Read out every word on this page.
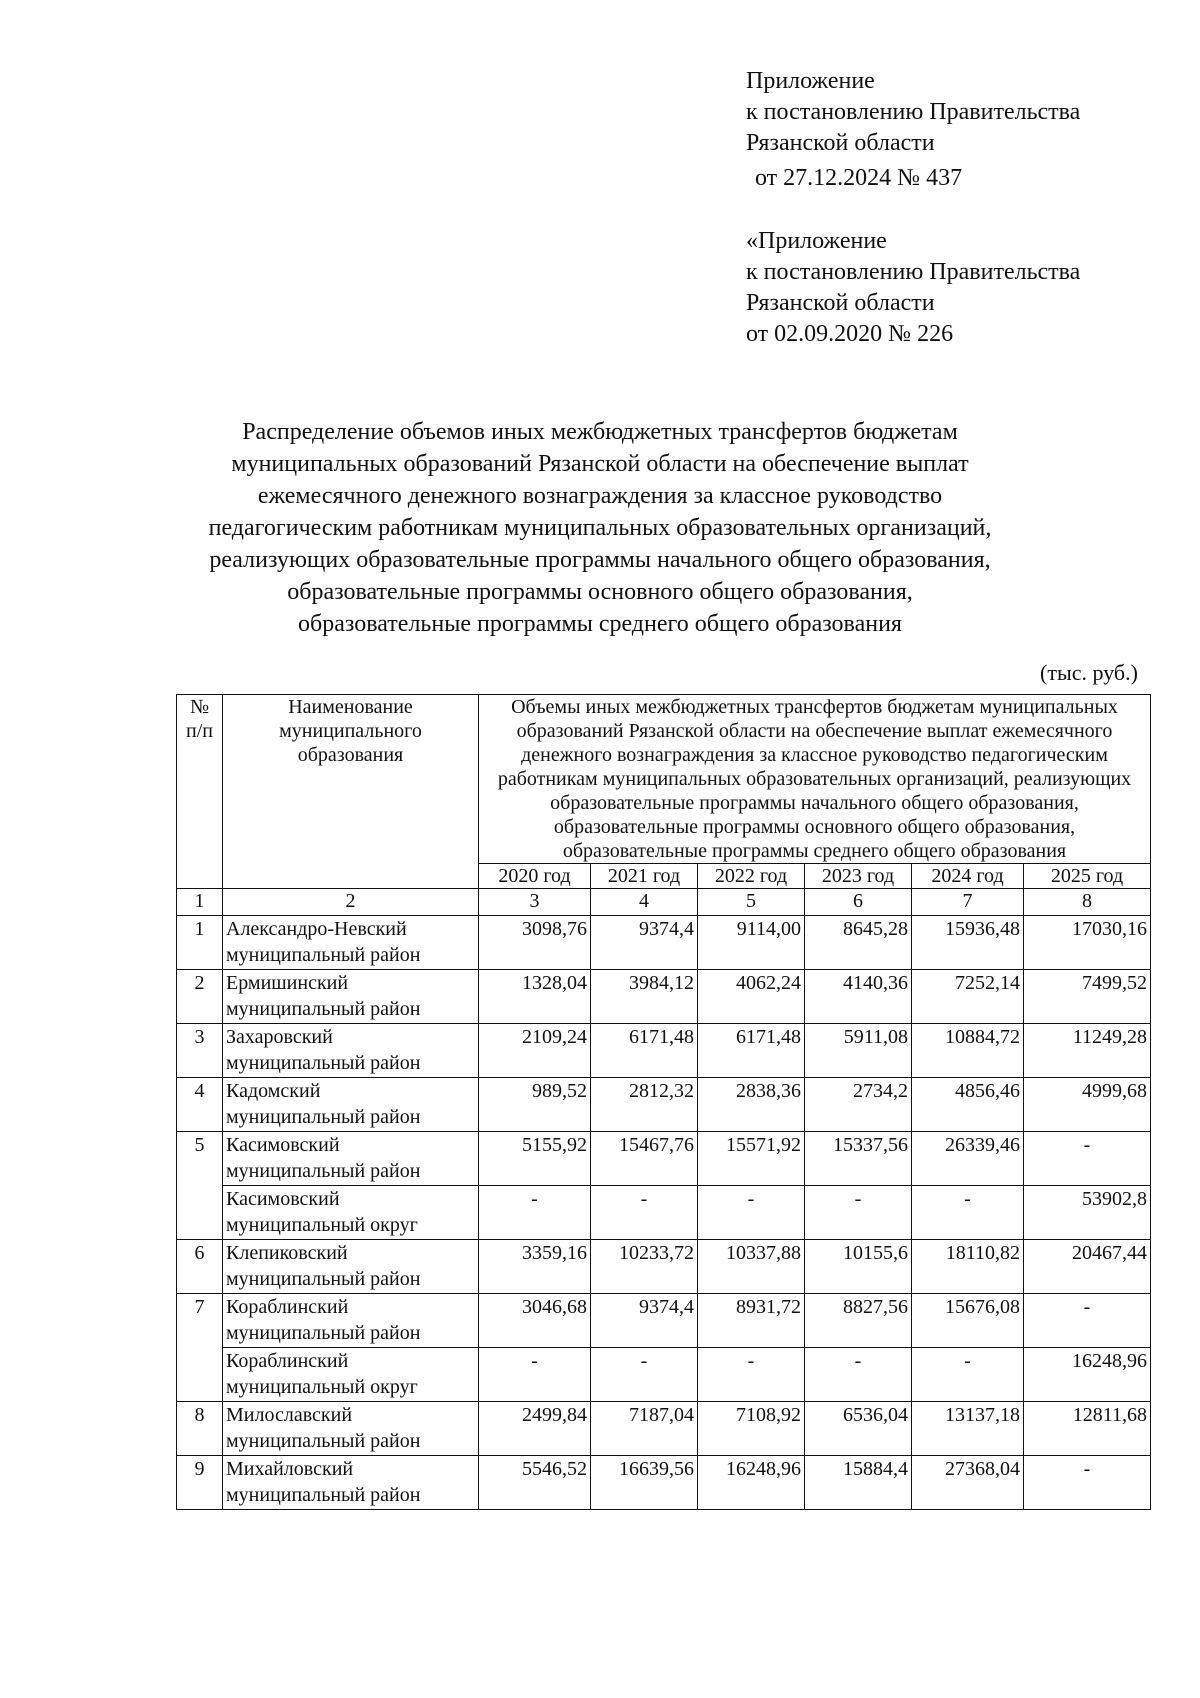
Приложение
к постановлению Правительства
Рязанской области
от 27.12.2024 № 437
«Приложение
к постановлению Правительства
Рязанской области
от 02.09.2020 № 226
Распределение объемов иных межбюджетных трансфертов бюджетам
муниципальных образований Рязанской области на обеспечение выплат
ежемесячного денежного вознаграждения за классное руководство
педагогическим работникам муниципальных образовательных организаций,
реализующих образовательные программы начального общего образования,
образовательные программы основного общего образования,
образовательные программы среднего общего образования
(тыс. руб.)
№ п/п	Наименование муниципального образования	Объемы иных межбюджетных трансфертов бюджетам муниципальных образований Рязанской области на обеспечение выплат ежемесячного денежного вознаграждения за классное руководство педагогическим работникам муниципальных образовательных организаций, реализующих образовательные программы начального общего образования, образовательные программы основного общего образования, образовательные программы среднего общего образования					
		2020 год	2021 год	2022 год	2023 год	2024 год	2025 год
1	2	3	4	5	6	7	8
1	Александро-Невский
муниципальный район	3098,76	9374,4	9114,00	8645,28	15936,48	17030,16
2	Ермишинский
муниципальный район	1328,04	3984,12	4062,24	4140,36	7252,14	7499,52
3	Захаровский
муниципальный район	2109,24	6171,48	6171,48	5911,08	10884,72	11249,28
4	Кадомский
муниципальный район	989,52	2812,32	2838,36	2734,2	4856,46	4999,68
5	Касимовский
муниципальный район	5155,92	15467,76	15571,92	15337,56	26339,46	-

	Касимовский
муниципальный округ	-	-	-	-	-	53902,8
6	Клепиковский
муниципальный район	3359,16	10233,72	10337,88	10155,6	18110,82	20467,44
7	Кораблинский
муниципальный район	3046,68	9374,4	8931,72	8827,56	15676,08	-

	Кораблинский
муниципальный округ	-	-	-	-	-	16248,96
8	Милославский
муниципальный район	2499,84	7187,04	7108,92	6536,04	13137,18	12811,68
9	Михайловский
муниципальный район	5546,52	16639,56	16248,96	15884,4	27368,04	-
